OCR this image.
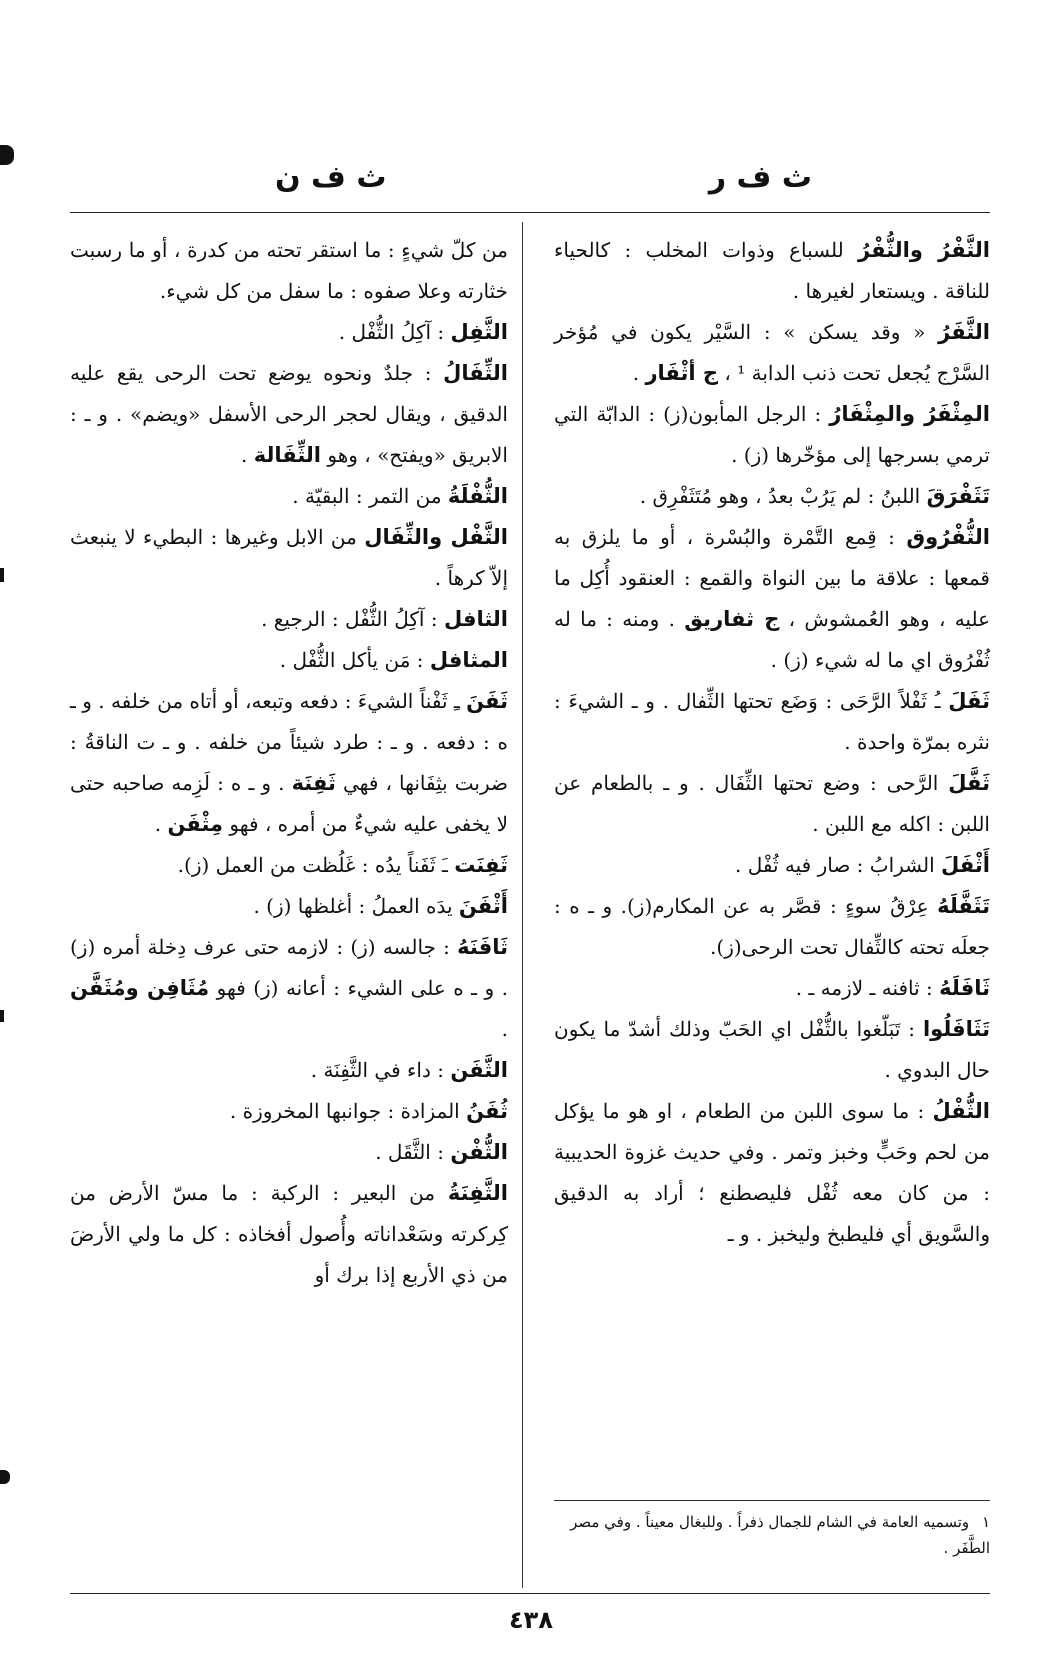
ث ف ر
ث ف ن

الثَّفْرُ والثُّفْرُ للسباع وذوات المخلب : كالحياء للناقة . ويستعار لغيرها .

الثَّفَرُ « وقد يسكن » : السَّيْر يكون في مُؤخر السَّرْج يُجعل تحت ذنب الدابة ¹ ، ج أثْفَار .

المِثْفَرُ والمِثْفَارُ : الرجل المأبون(ز) : الدابّة التي ترمي بسرجها إلى مؤخّرها (ز) .

تَثَفْرَقَ اللبنُ : لم يَرُبْ بعدُ ، وهو مُتَثَفْرِق .

الثُّفْرُوق : قِمع التَّمْرة والبُسْرة ، أو ما يلزق به قمعها : علاقة ما بين النواة والقمع : العنقود أُكِل ما عليه ، وهو العُمشوش ، ج ثفاريق . ومنه : ما له ثُفْرُوق اي ما له شيء (ز) .

ثَفَلَ ـُ ثَفْلاً الرَّحَى : وَضَع تحتها الثِّفال . و ـ الشيءَ : نثره بمرّة واحدة .

ثَفَّلَ الرَّحى : وضع تحتها الثِّفَال . و ـ بالطعام عن اللبن : اكله مع اللبن .

أَثْفَلَ الشرابُ : صار فيه ثُفْل .

تَثَفَّلَهُ عِرْقُ سوءٍ : قصَّر به عن المكارم(ز). و ـ ه : جعلَه تحته كالثِّفال تحت الرحى(ز).

ثَافَلَهُ : ثافنه ـ لازمه ـ .

تَثَافَلُوا : تَبَلّغوا بالثُّفْل اي الحَبّ وذلك أشدّ ما يكون حال البدوي .

الثُّفْلُ : ما سوى اللبن من الطعام ، او هو ما يؤكل من لحم وحَبٍّ وخبز وتمر . وفي حديث غزوة الحديبية : من كان معه ثُفْل فليصطنع ؛ أراد به الدقيق والسَّويق أي فليطبخ وليخبز . و ـ

من كلّ شيءٍ : ما استقر تحته من كدرة ، أو ما رسبت خثارته وعلا صفوه : ما سفل من كل شيء.

الثَّفِل : آكِلُ الثُّفْل .

الثِّفَالُ : جلدٌ ونحوه يوضع تحت الرحى يقع عليه الدقيق ، ويقال لحجر الرحى الأسفل «ويضم» . و ـ : الابريق «ويفتح» ، وهو الثِّفَالة .

الثُّفْلَةُ من التمر : البقيّة .

الثَّفْل والثِّفَال من الابل وغيرها : البطيء لا ينبعث إلاّ كرهاً .

الثافل : آكِلُ الثُّفْل : الرجيع .

المثافل : مَن يأكل الثُّفْل .

ثَفَنَ ـِ ثَفْناً الشيءَ : دفعه وتبعه، أو أتاه من خلفه . و ـ ه : دفعه . و ـ : طرد شيئاً من خلفه . و ـ ت الناقةُ : ضربت بثِفَانها ، فهي ثَفِنَة . و ـ ه : لَزِمه صاحبه حتى لا يخفى عليه شيءٌ من أمره ، فهو مِثْفَن .

ثَفِنَت ـَ ثَفَناً يدُه : غَلُظت من العمل (ز).

أَثْفَنَ يدَه العملُ : أغلظها (ز) .

ثَافَنَهُ : جالسه (ز) : لازمه حتى عرف دِخلة أمره (ز) . و ـ ه على الشيء : أعانه (ز) فهو مُثَافِن ومُثَفَّن .

الثَّفَن : داء في الثَّفِنَة .

ثُفَنُ المزادة : جوانبها المخروزة .

الثُّفْن : الثَّقَل .

الثَّفِنَةُ من البعير : الركبة : ما مسّ الأرض من كِركرته وسَعْداناته وأُصول أفخاذه : كل ما ولي الأرضَ من ذي الأربع إذا برك أو

١ وتسميه العامة في الشام للجمال ذفراً . وللبغال معيناً . وفي مصر الطَّفَر .
٤٣٨
